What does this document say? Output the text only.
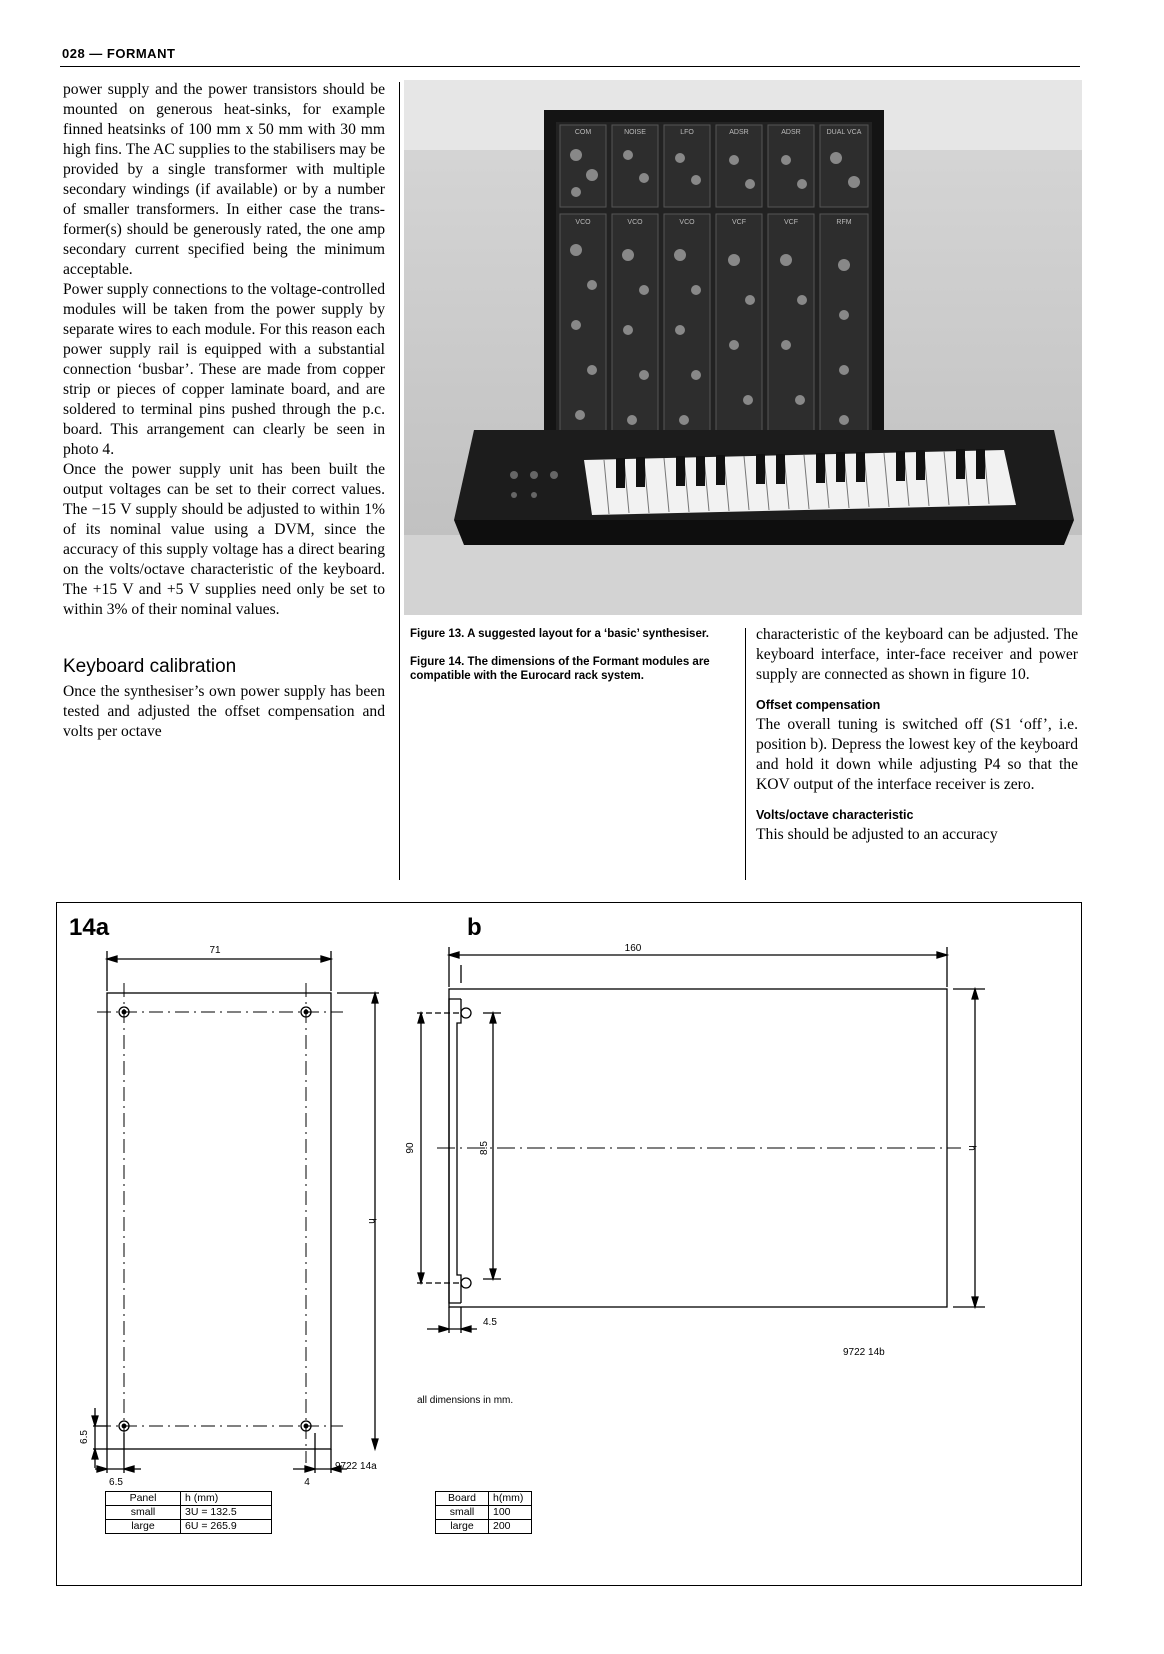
028 — FORMANT

power supply and the power transistors should be mounted on generous heat-sinks, for example finned heatsinks of 100 mm x 50 mm with 30 mm high fins. The AC supplies to the stabilisers may be provided by a single transformer with multiple secondary windings (if available) or by a number of smaller transformers. In either case the trans-former(s) should be generously rated, the one amp secondary current specified being the minimum acceptable.

Power supply connections to the voltage-controlled modules will be taken from the power supply by separate wires to each module. For this reason each power supply rail is equipped with a substantial connection ‘busbar’. These are made from copper strip or pieces of copper laminate board, and are soldered to terminal pins pushed through the p.c. board. This arrangement can clearly be seen in photo 4.

Once the power supply unit has been built the output voltages can be set to their correct values. The −15 V supply should be adjusted to within 1% of its nominal value using a DVM, since the accuracy of this supply voltage has a direct bearing on the volts/octave characteristic of the keyboard. The +15 V and +5 V supplies need only be set to within 3% of their nominal values.

Keyboard calibration

Once the synthesiser’s own power supply has been tested and adjusted the offset compensation and volts per octave

COM	NOISE	LFO	ADSR	ADSR	DUAL VCA
VCO	VCO	VCO	VCF	VCF	RFM

Figure 13. A suggested layout for a ‘basic’ synthesiser.

Figure 14. The dimensions of the Formant modules are compatible with the Eurocard rack system.

characteristic of the keyboard can be adjusted. The keyboard interface, inter-face receiver and power supply are connected as shown in figure 10.

Offset compensation

The overall tuning is switched off (S1 ‘off’, i.e. position b). Depress the lowest key of the keyboard and hold it down while adjusting P4 so that the KOV output of the interface receiver is zero.

Volts/octave characteristic

This should be adjusted to an accuracy

14a	b
71
h
6.5
6.5	4
9722 14a
160
90	8.5	h
4.5
9722 14b
all dimensions in mm.
Panel	h (mm)
small	3U = 132.5
large	6U = 265.9
Board	h(mm)
small	100
large	200
